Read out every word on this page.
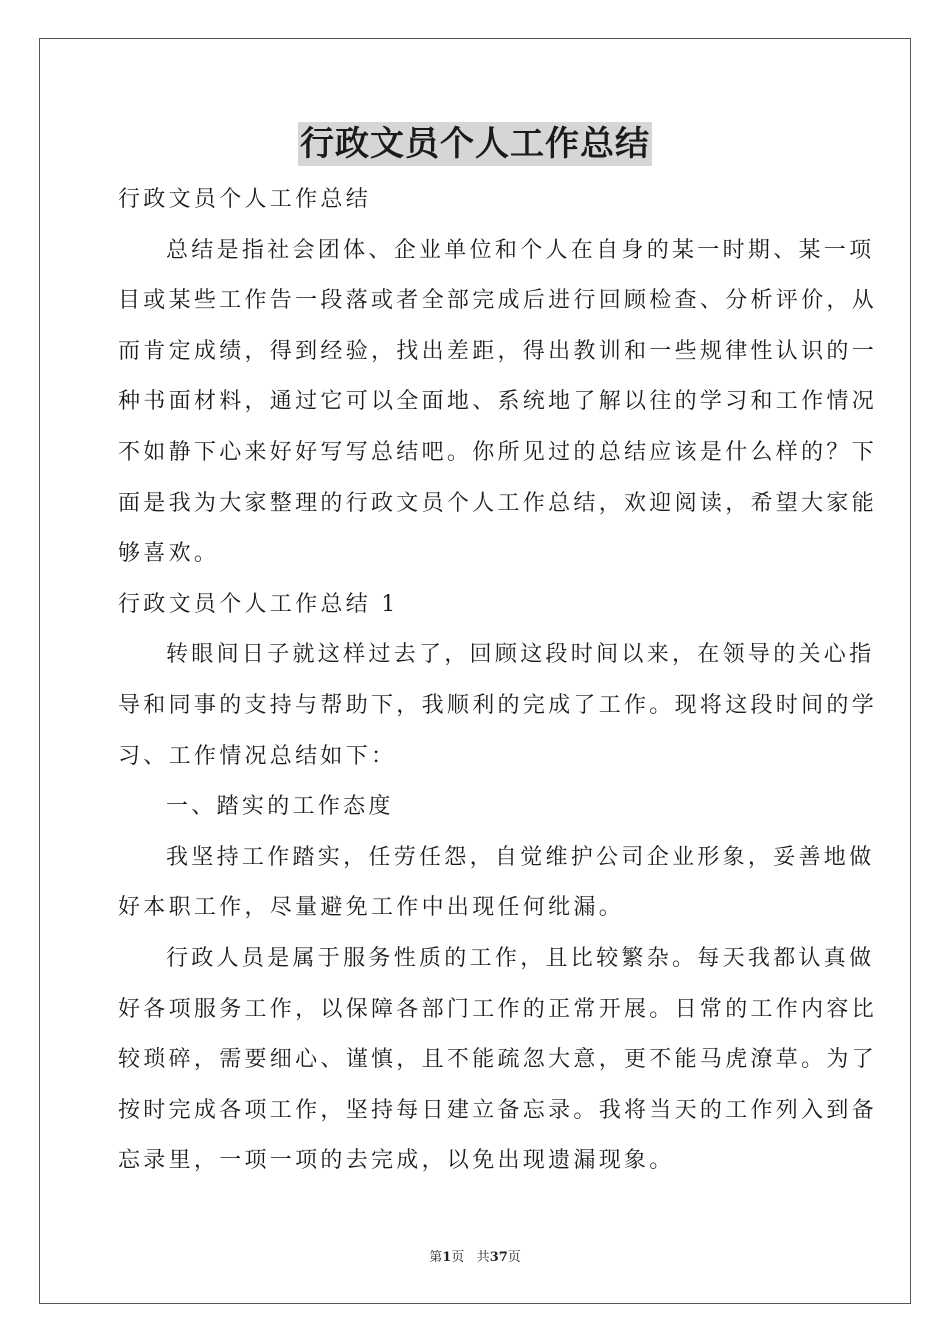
行政文员个人工作总结
行政文员个人工作总结
总结是指社会团体、企业单位和个人在自身的某一时期、某一项
目或某些工作告一段落或者全部完成后进行回顾检查、分析评价，从
而肯定成绩，得到经验，找出差距，得出教训和一些规律性认识的一
种书面材料，通过它可以全面地、系统地了解以往的学习和工作情况
不如静下心来好好写写总结吧。你所见过的总结应该是什么样的？下
面是我为大家整理的行政文员个人工作总结，欢迎阅读，希望大家能
够喜欢。
行政文员个人工作总结 1
转眼间日子就这样过去了，回顾这段时间以来，在领导的关心指
导和同事的支持与帮助下，我顺利的完成了工作。现将这段时间的学
习、工作情况总结如下：
一、踏实的工作态度
我坚持工作踏实，任劳任怨，自觉维护公司企业形象，妥善地做
好本职工作，尽量避免工作中出现任何纰漏。
行政人员是属于服务性质的工作，且比较繁杂。每天我都认真做
好各项服务工作，以保障各部门工作的正常开展。日常的工作内容比
较琐碎，需要细心、谨慎，且不能疏忽大意，更不能马虎潦草。为了
按时完成各项工作，坚持每日建立备忘录。我将当天的工作列入到备
忘录里，一项一项的去完成，以免出现遗漏现象。
第1页 共37页
